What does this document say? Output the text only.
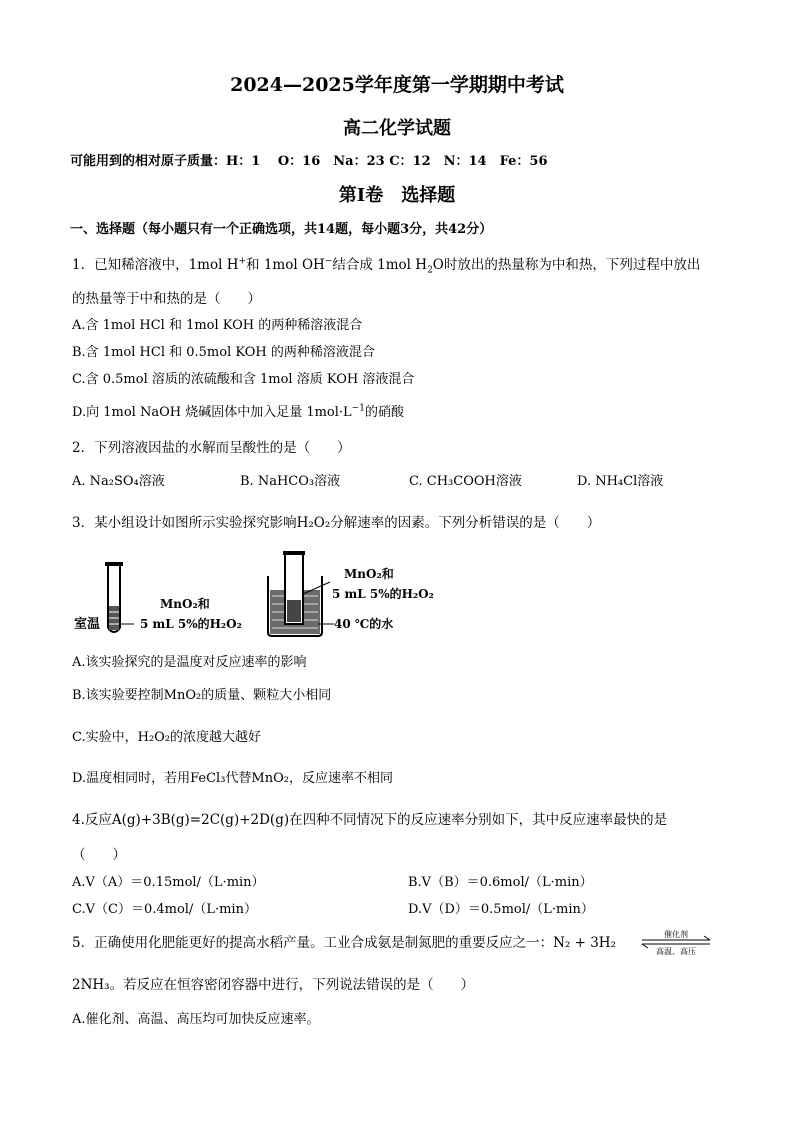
2024—2025学年度第一学期期中考试
高二化学试题
可能用到的相对原子质量：H：1　 O：16　Na：23 C：12　N：14　Fe：56
第Ⅰ卷　选择题
一、选择题（每小题只有一个正确选项，共14题，每小题3分，共42分）
1．已知稀溶液中，1mol H+和 1mol OH−结合成 1mol $H_2O$时放出的热量称为中和热，下列过程中放出
的热量等于中和热的是（　　）
A.含 1mol HCl 和 1mol KOH 的两种稀溶液混合
B.含 1mol HCl 和 0.5mol KOH 的两种稀溶液混合
C.含 0.5mol 溶质的浓硫酸和含 1mol 溶质 KOH 溶液混合
D.向 1mol NaOH 烧碱固体中加入足量 $1mol\cdot L^{-1}$的硝酸
2．下列溶液因盐的水解而呈酸性的是（　　）
A. Na₂SO₄溶液	B. NaHCO₃溶液	C. CH₃COOH溶液	D. NH₄Cl溶液
3．某小组设计如图所示实验探究影响H₂O₂分解速率的因素。下列分析错误的是（　　）
室温
MnO₂和
5 mL 5%的H₂O₂
MnO₂和
5 mL 5%的H₂O₂
40 ℃的水
A.该实验探究的是温度对反应速率的影响
B.该实验要控制MnO₂的质量、颗粒大小相同
C.实验中，H₂O₂的浓度越大越好
D.温度相同时，若用FeCl₃代替MnO₂，反应速率不相同
4.反应A(g)+3B(g)=2C(g)+2D(g)在四种不同情况下的反应速率分别如下，其中反应速率最快的是
（　　）
A.V（A）＝0.15mol/（L·min）	B.V（B）＝0.6mol/（L·min）
C.V（C）＝0.4mol/（L·min）	D.V（D）＝0.5mol/（L·min）
5．正确使用化肥能更好的提高水稻产量。工业合成氨是制氮肥的重要反应之一：N₂ + 3H₂
催化剂
高温、高压
2NH₃。若反应在恒容密闭容器中进行，下列说法错误的是（　　）
A.催化剂、高温、高压均可加快反应速率。
